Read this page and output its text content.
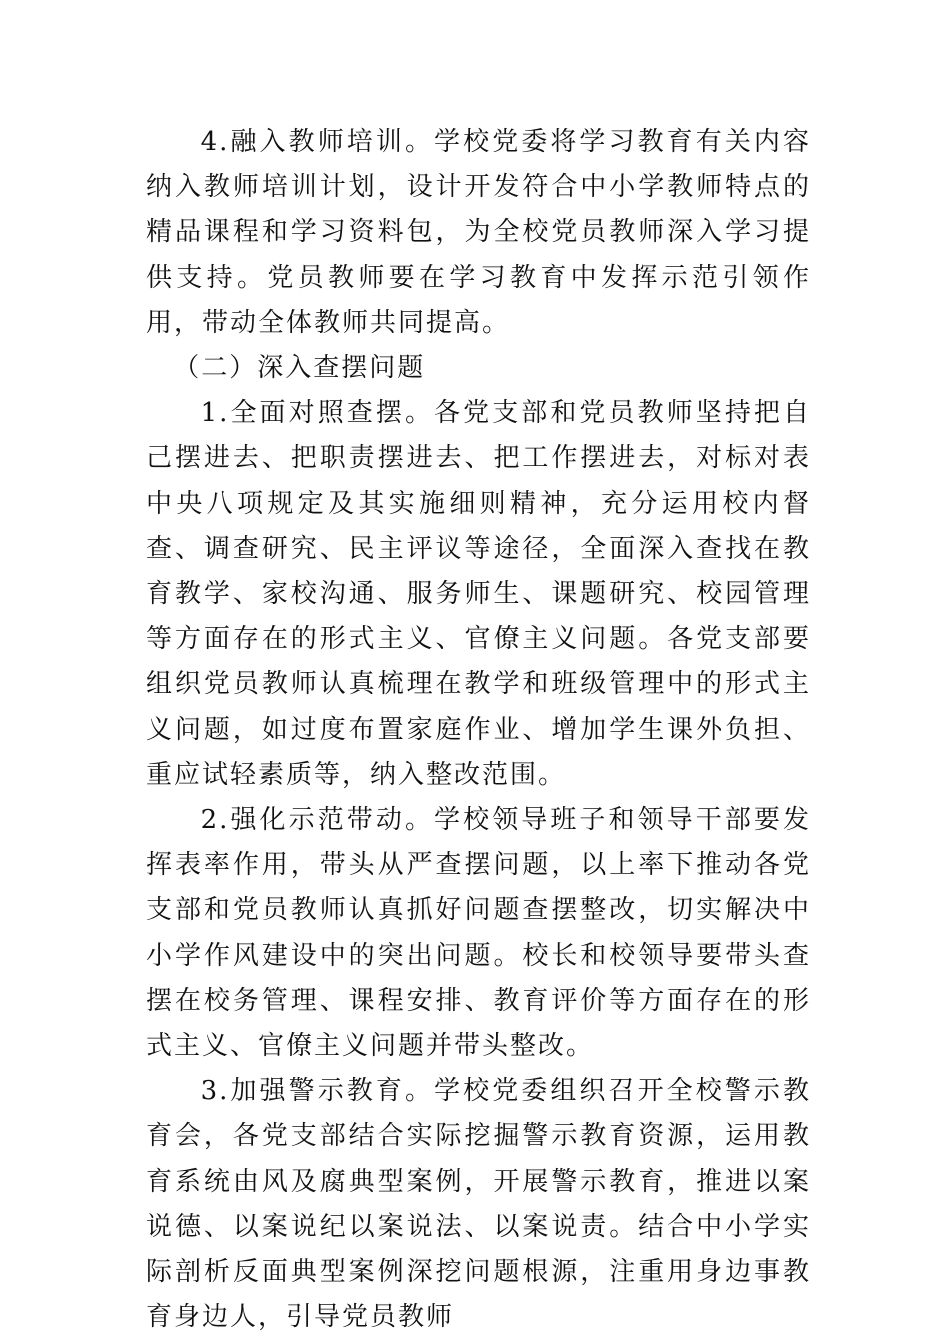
4.融入教师培训。学校党委将学习教育有关内容纳入教师培训计划，设计开发符合中小学教师特点的精品课程和学习资料包，为全校党员教师深入学习提供支持。党员教师要在学习教育中发挥示范引领作用，带动全体教师共同提高。

（二）深入查摆问题

1.全面对照查摆。各党支部和党员教师坚持把自己摆进去、把职责摆进去、把工作摆进去，对标对表中央八项规定及其实施细则精神，充分运用校内督查、调查研究、民主评议等途径，全面深入查找在教育教学、家校沟通、服务师生、课题研究、校园管理等方面存在的形式主义、官僚主义问题。各党支部要组织党员教师认真梳理在教学和班级管理中的形式主义问题，如过度布置家庭作业、增加学生课外负担、重应试轻素质等，纳入整改范围。

2.强化示范带动。学校领导班子和领导干部要发挥表率作用，带头从严查摆问题，以上率下推动各党支部和党员教师认真抓好问题查摆整改，切实解决中小学作风建设中的突出问题。校长和校领导要带头查摆在校务管理、课程安排、教育评价等方面存在的形式主义、官僚主义问题并带头整改。

3.加强警示教育。学校党委组织召开全校警示教育会，各党支部结合实际挖掘警示教育资源，运用教育系统由风及腐典型案例，开展警示教育，推进以案说德、以案说纪以案说法、以案说责。结合中小学实际剖析反面典型案例深挖问题根源，注重用身边事教育身边人，引导党员教师
